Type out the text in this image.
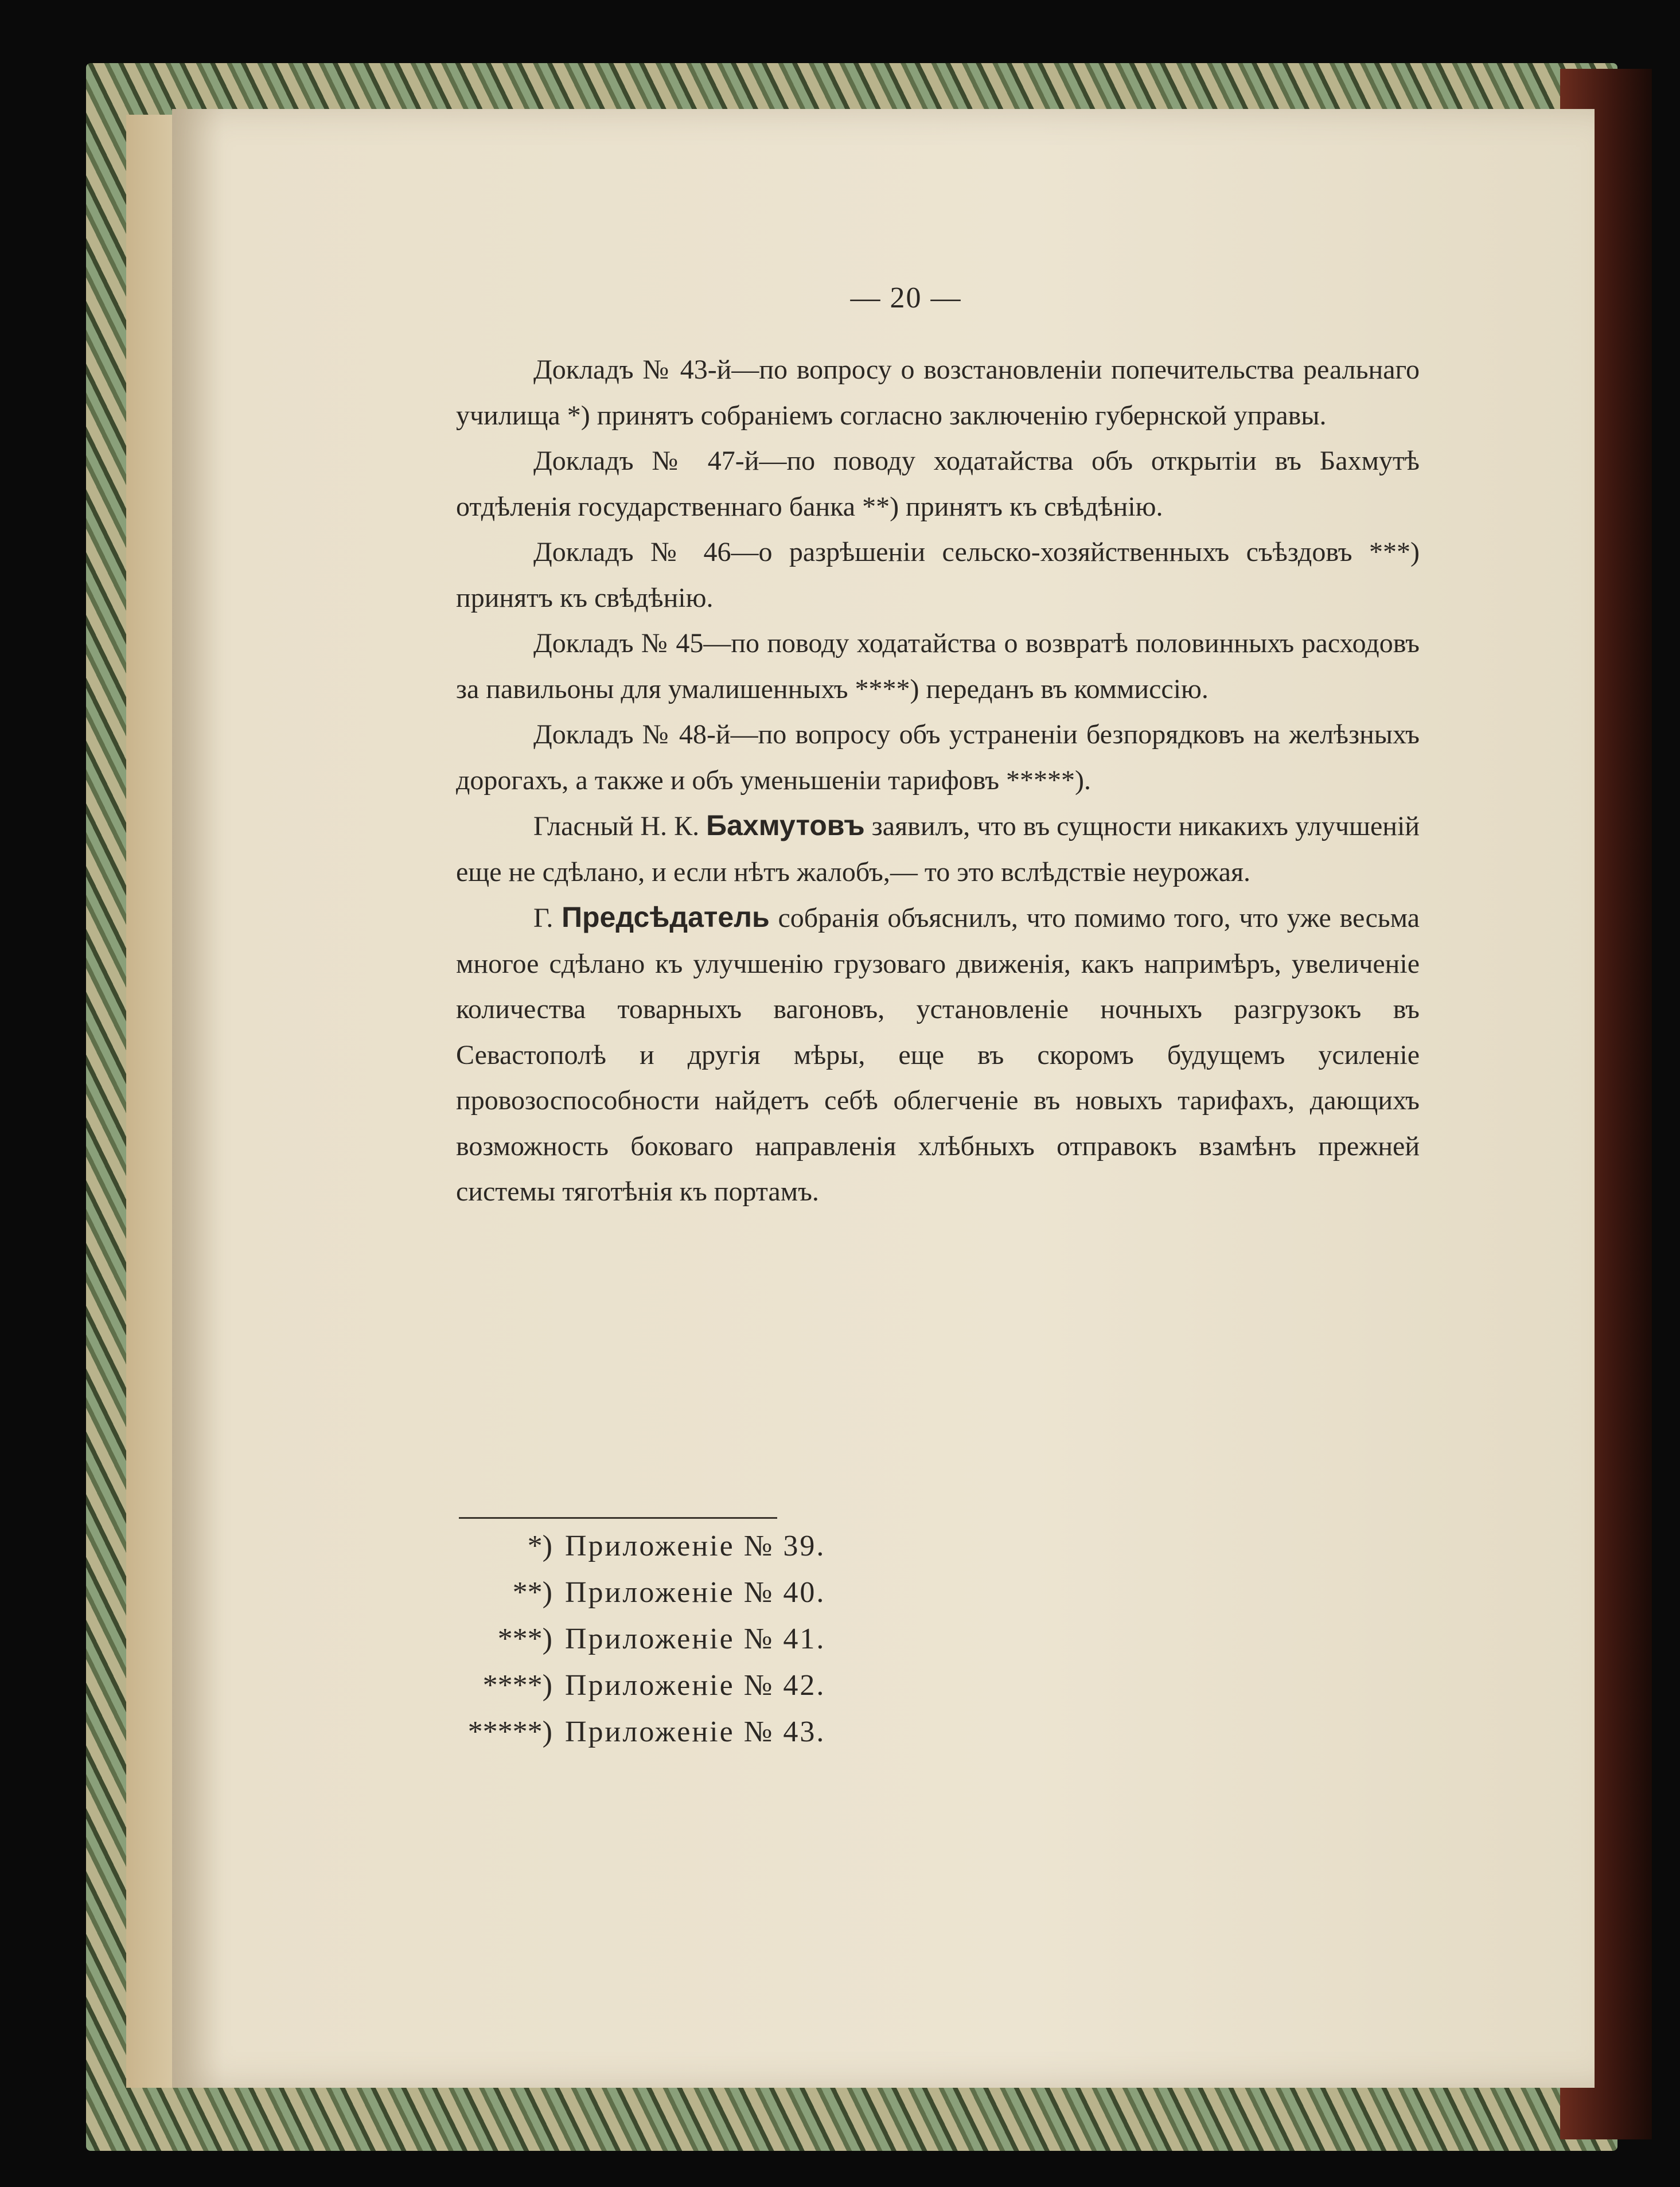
— 20 —

Докладъ № 43-й—по вопросу о возстановленіи попечительства реальнаго училища *) принятъ собраніемъ согласно заключенію губернской управы.

Докладъ № 47-й—по поводу ходатайства объ открытіи въ Бахмутѣ отдѣленія государственнаго банка **) принятъ къ свѣдѣнію.

Докладъ № 46—о разрѣшеніи сельско-хозяйственныхъ съѣздовъ ***) принятъ къ свѣдѣнію.

Докладъ № 45—по поводу ходатайства о возвратѣ половинныхъ расходовъ за павильоны для умалишенныхъ ****) переданъ въ коммиссію.

Докладъ № 48-й—по вопросу объ устраненіи безпорядковъ на желѣзныхъ дорогахъ, а также и объ уменьшеніи тарифовъ *****).

Гласный Н. К. Бахмутовъ заявилъ, что въ сущности никакихъ улучшеній еще не сдѣлано, и если нѣтъ жалобъ,— то это вслѣдствіе неурожая.

Г. Предсѣдатель собранія объяснилъ, что помимо того, что уже весьма многое сдѣлано къ улучшенію грузоваго движенія, какъ напримѣръ, увеличеніе количества товарныхъ вагоновъ, установленіе ночныхъ разгрузокъ въ Севастополѣ и другія мѣры, еще въ скоромъ будущемъ усиленіе провозоспособности найдетъ себѣ облегченіе въ новыхъ тарифахъ, дающихъ возможность боковаго направленія хлѣбныхъ отправокъ взамѣнъ прежней системы тяготѣнія къ портамъ.

*) Приложеніе № 39.
**) Приложеніе № 40.
***) Приложеніе № 41.
****) Приложеніе № 42.
*****) Приложеніе № 43.
